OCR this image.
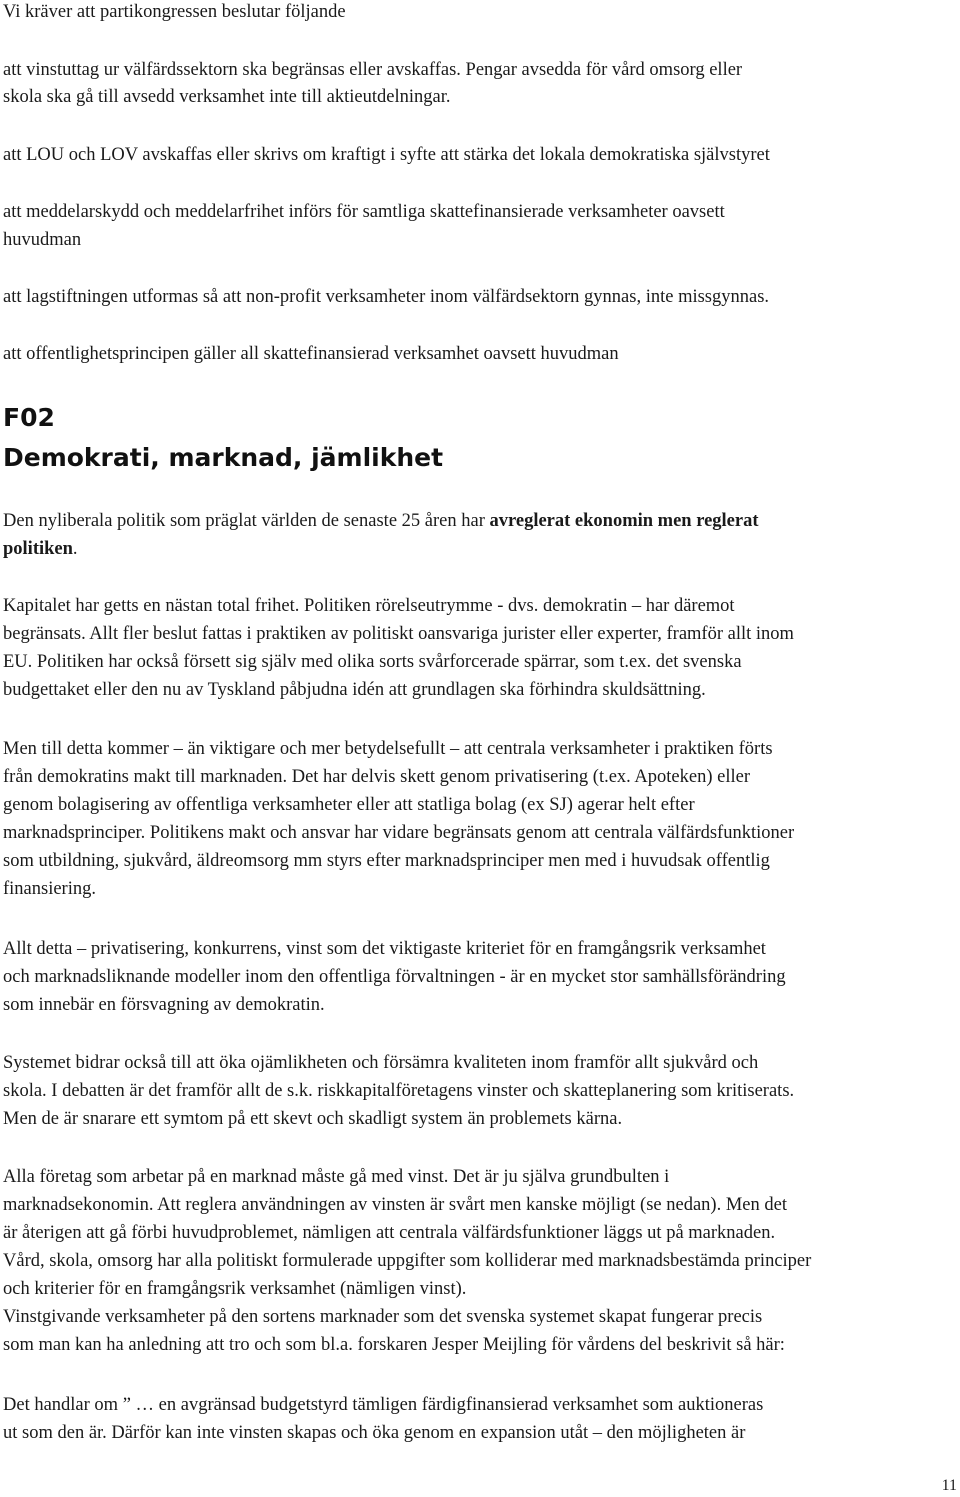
Vi kräver att partikongressen beslutar följande
att vinstuttag ur välfärdssektorn ska begränsas eller avskaffas. Pengar avsedda för vård omsorg eller
skola ska gå till avsedd verksamhet inte till aktieutdelningar.
att LOU och LOV avskaffas eller skrivs om kraftigt i syfte att stärka det lokala demokratiska självstyret
att meddelarskydd och meddelarfrihet införs för samtliga skattefinansierade verksamheter oavsett
huvudman
att lagstiftningen utformas så att non-profit verksamheter inom välfärdsektorn gynnas, inte missgynnas.
att offentlighetsprincipen gäller all skattefinansierad verksamhet oavsett huvudman
F02
Demokrati, marknad, jämlikhet
Den nyliberala politik som präglat världen de senaste 25 åren har avreglerat ekonomin men reglerat
politiken.
Kapitalet har getts en nästan total frihet. Politiken rörelseutrymme - dvs. demokratin – har däremot
begränsats. Allt fler beslut fattas i praktiken av politiskt oansvariga jurister eller experter, framför allt inom
EU. Politiken har också försett sig själv med olika sorts svårforcerade spärrar, som t.ex. det svenska
budgettaket eller den nu av Tyskland påbjudna idén att grundlagen ska förhindra skuldsättning.
Men till detta kommer – än viktigare och mer betydelsefullt – att centrala verksamheter i praktiken förts
från demokratins makt till marknaden. Det har delvis skett genom privatisering (t.ex. Apoteken) eller
genom bolagisering av offentliga verksamheter eller att statliga bolag (ex SJ) agerar helt efter
marknadsprinciper. Politikens makt och ansvar har vidare begränsats genom att centrala välfärdsfunktioner
som utbildning, sjukvård, äldreomsorg mm styrs efter marknadsprinciper men med i huvudsak offentlig
finansiering.
Allt detta – privatisering, konkurrens, vinst som det viktigaste kriteriet för en framgångsrik verksamhet
och marknadsliknande modeller inom den offentliga förvaltningen - är en mycket stor samhällsförändring
som innebär en försvagning av demokratin.
Systemet bidrar också till att öka ojämlikheten och försämra kvaliteten inom framför allt sjukvård och
skola. I debatten är det framför allt de s.k. riskkapitalföretagens vinster och skatteplanering som kritiserats.
Men de är snarare ett symtom på ett skevt och skadligt system än problemets kärna.
Alla företag som arbetar på en marknad måste gå med vinst. Det är ju själva grundbulten i
marknadsekonomin. Att reglera användningen av vinsten är svårt men kanske möjligt (se nedan). Men det
är återigen att gå förbi huvudproblemet, nämligen att centrala välfärdsfunktioner läggs ut på marknaden.
Vård, skola, omsorg har alla politiskt formulerade uppgifter som kolliderar med marknadsbestämda principer
och kriterier för en framgångsrik verksamhet (nämligen vinst).
Vinstgivande verksamheter på den sortens marknader som det svenska systemet skapat fungerar precis
som man kan ha anledning att tro och som bl.a. forskaren Jesper Meijling för vårdens del beskrivit så här:
Det handlar om ” … en avgränsad budgetstyrd tämligen färdigfinansierad verksamhet som auktioneras
ut som den är. Därför kan inte vinsten skapas och öka genom en expansion utåt – den möjligheten är
11
